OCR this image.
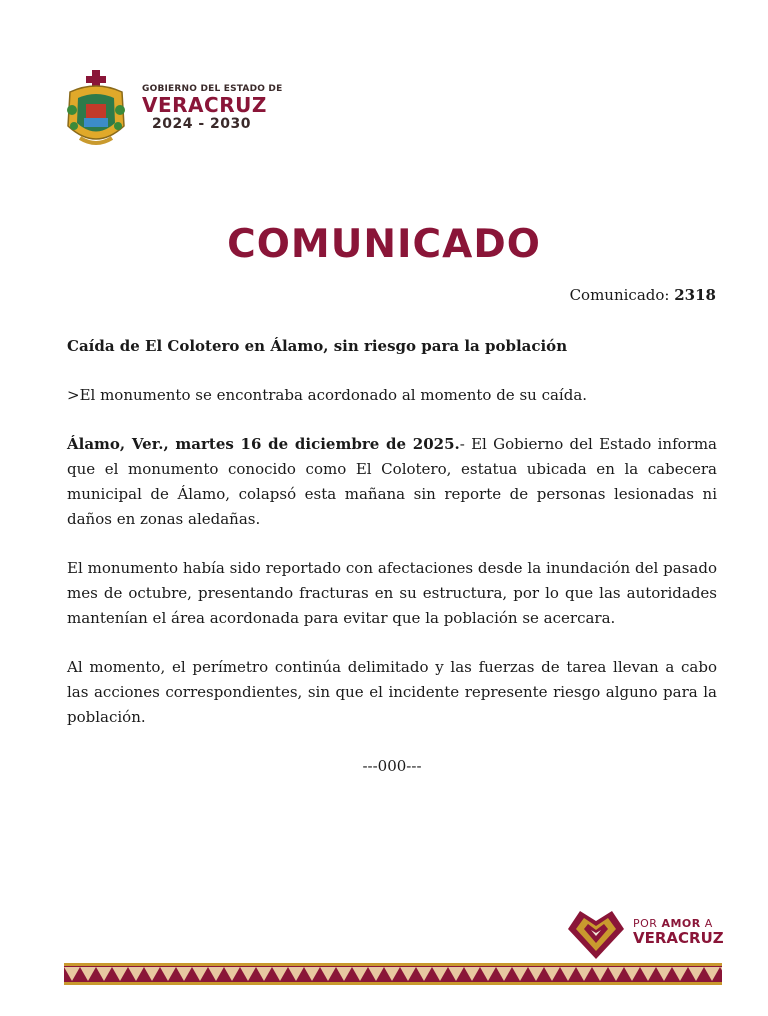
GOBIERNO DEL ESTADO DE
VERACRUZ
2024 - 2030
COMUNICADO
Comunicado: 2318

Caída de El Colotero en Álamo, sin riesgo para la población

>El monumento se encontraba acordonado al momento de su caída.

Álamo, Ver., martes 16 de diciembre de 2025.- El Gobierno del Estado informa que el monumento conocido como El Colotero, estatua ubicada en la cabecera municipal de Álamo, colapsó esta mañana sin reporte de personas lesionadas ni daños en zonas aledañas.

El monumento había sido reportado con afectaciones desde la inundación del pasado mes de octubre, presentando fracturas en su estructura, por lo que las autoridades mantenían el área acordonada para evitar que la población se acercara.

Al momento, el perímetro continúa delimitado y las fuerzas de tarea llevan a cabo las acciones correspondientes, sin que el incidente represente riesgo alguno para la población.

---000---

POR AMOR A
VERACRUZ
